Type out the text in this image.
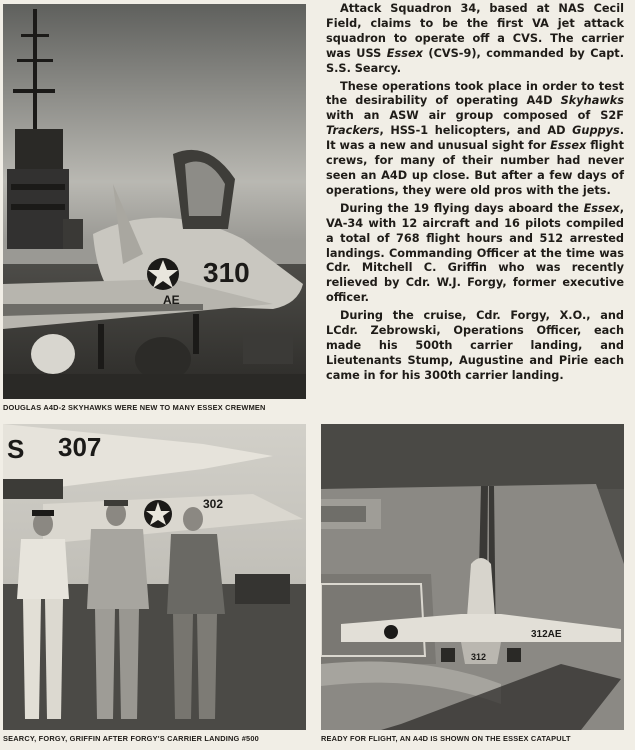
310
AE
DOUGLAS A4D-2 SKYHAWKS WERE NEW TO MANY ESSEX CREWMEN

Attack Squadron 34, based at NAS Cecil Field, claims to be the first VA jet attack squadron to operate off a CVS. The carrier was USS Essex (CVS-9), commanded by Capt. S.S. Searcy.

These operations took place in order to test the desirability of operating A4D Skyhawks with an ASW air group composed of S2F Trackers, HSS-1 helicopters, and AD Guppys. It was a new and unusual sight for Essex flight crews, for many of their number had never seen an A4D up close. But after a few days of operations, they were old pros with the jets.

During the 19 flying days aboard the Essex, VA-34 with 12 aircraft and 16 pilots compiled a total of 768 flight hours and 512 arrested landings. Commanding Officer at the time was Cdr. Mitchell C. Griffin who was recently relieved by Cdr. W.J. Forgy, former executive officer.

During the cruise, Cdr. Forgy, X.O., and LCdr. Zebrowski, Operations Officer, each made his 500th carrier landing, and Lieutenants Stump, Augustine and Pirie each came in for his 300th carrier landing.

307
S
302
SEARCY, FORGY, GRIFFIN AFTER FORGY'S CARRIER LANDING #500
312AE
312
READY FOR FLIGHT, AN A4D IS SHOWN ON THE ESSEX CATAPULT
